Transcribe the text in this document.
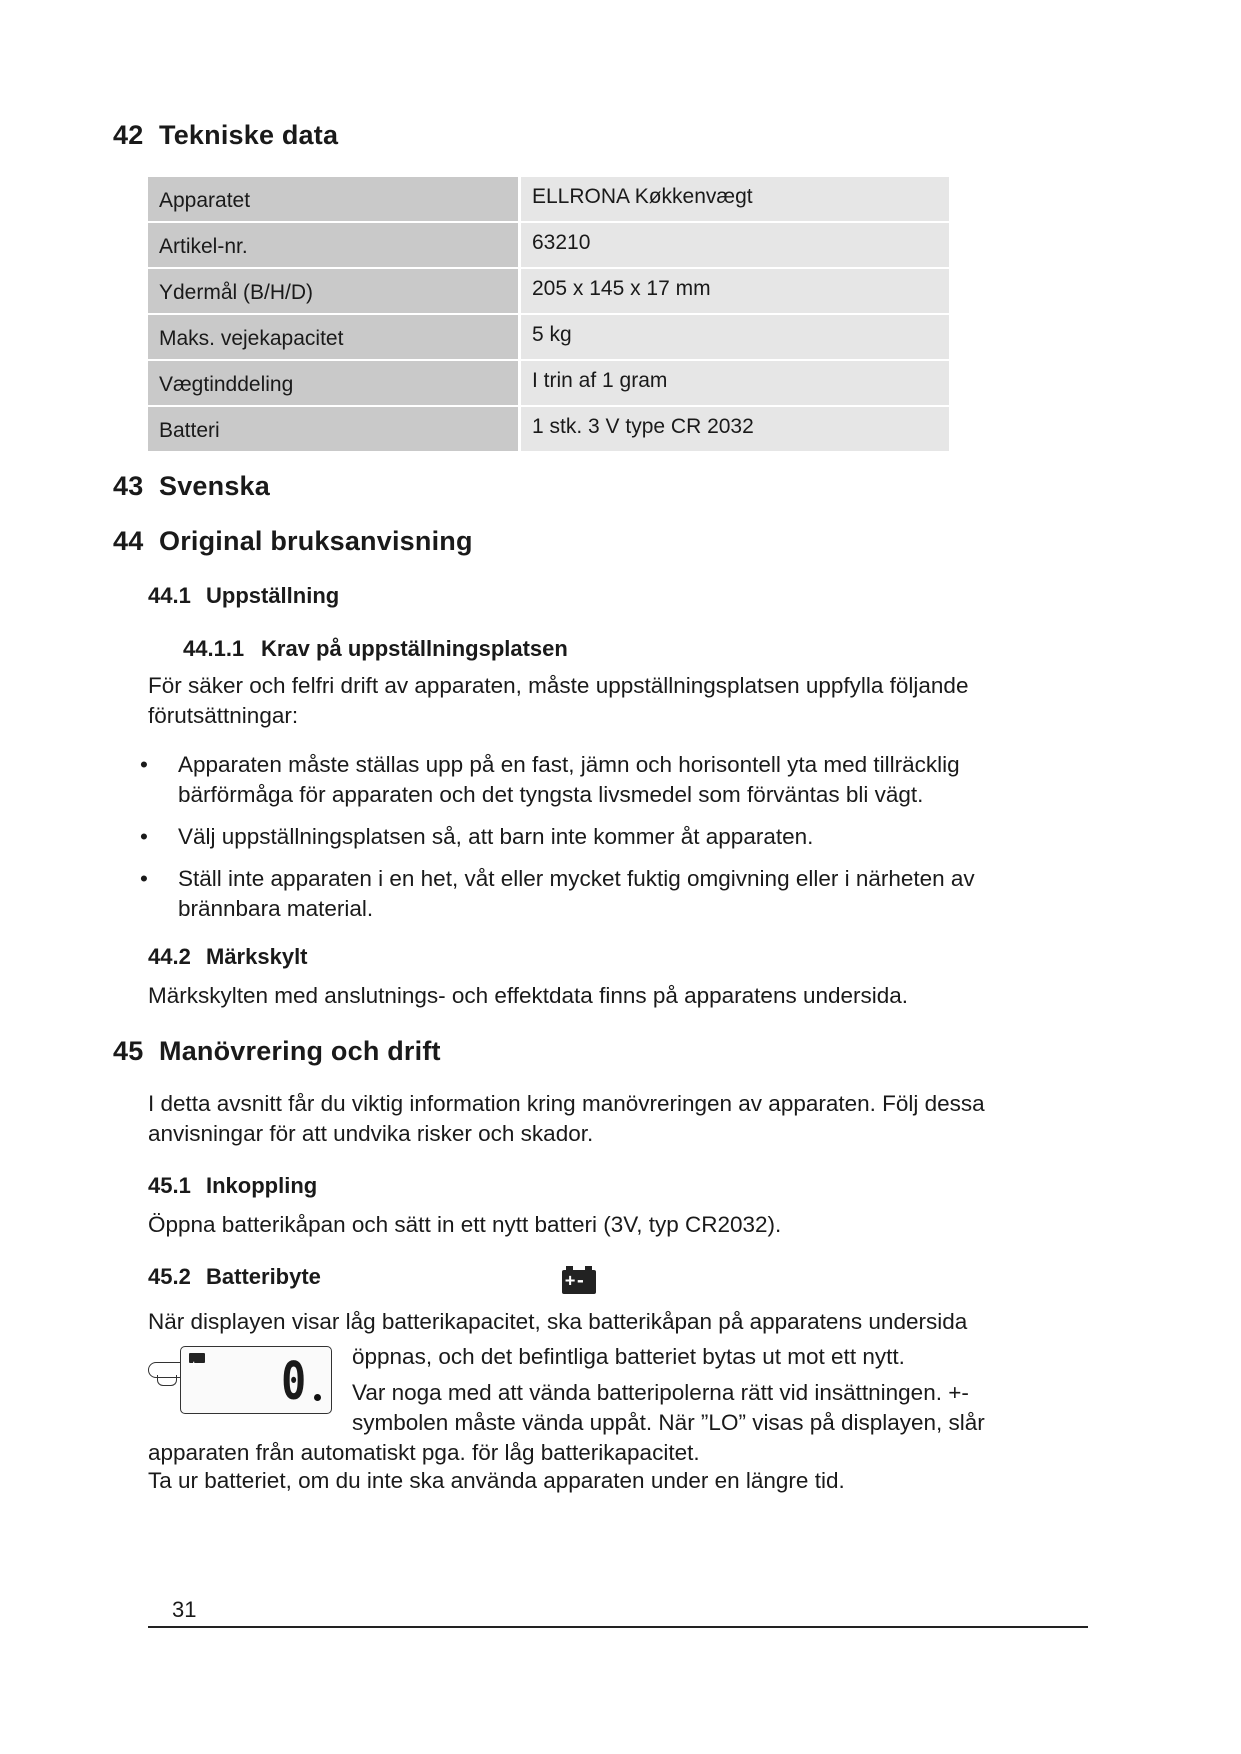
42 Tekniske data
Apparatet	ELLRONA Køkkenvægt
Artikel-nr.	63210
Ydermål (B/H/D)	205 x 145 x 17 mm
Maks. vejekapacitet	5 kg
Vægtinddeling	I trin af 1 gram
Batteri	1 stk. 3 V type CR 2032
43 Svenska
44 Original bruksanvisning
44.1 Uppställning
44.1.1 Krav på uppställningsplatsen
För säker och felfri drift av apparaten, måste uppställningsplatsen uppfylla följande förutsättningar:
• Apparaten måste ställas upp på en fast, jämn och horisontell yta med tillräcklig bärförmåga för apparaten och det tyngsta livsmedel som förväntas bli vägt.
• Välj uppställningsplatsen så, att barn inte kommer åt apparaten.
• Ställ inte apparaten i en het, våt eller mycket fuktig omgivning eller i närheten av brännbara material.
44.2 Märkskylt
Märkskylten med anslutnings- och effektdata finns på apparatens undersida.
45 Manövrering och drift
I detta avsnitt får du viktig information kring manövreringen av apparaten. Följ dessa anvisningar för att undvika risker och skador.
45.1 Inkoppling
Öppna batterikåpan och sätt in ett nytt batteri (3V, typ CR2032).
45.2 Batteribyte	+-
När displayen visar låg batterikapacitet, ska batterikåpan på apparatens undersida
+-
0	öppnas, och det befintliga batteriet bytas ut mot ett nytt.
Var noga med att vända batteripolerna rätt vid insättningen. +-symbolen måste vända uppåt. När ”LO” visas på displayen, slår apparaten från automatiskt pga. för låg batterikapacitet.
Ta ur batteriet, om du inte ska använda apparaten under en längre tid.
31
